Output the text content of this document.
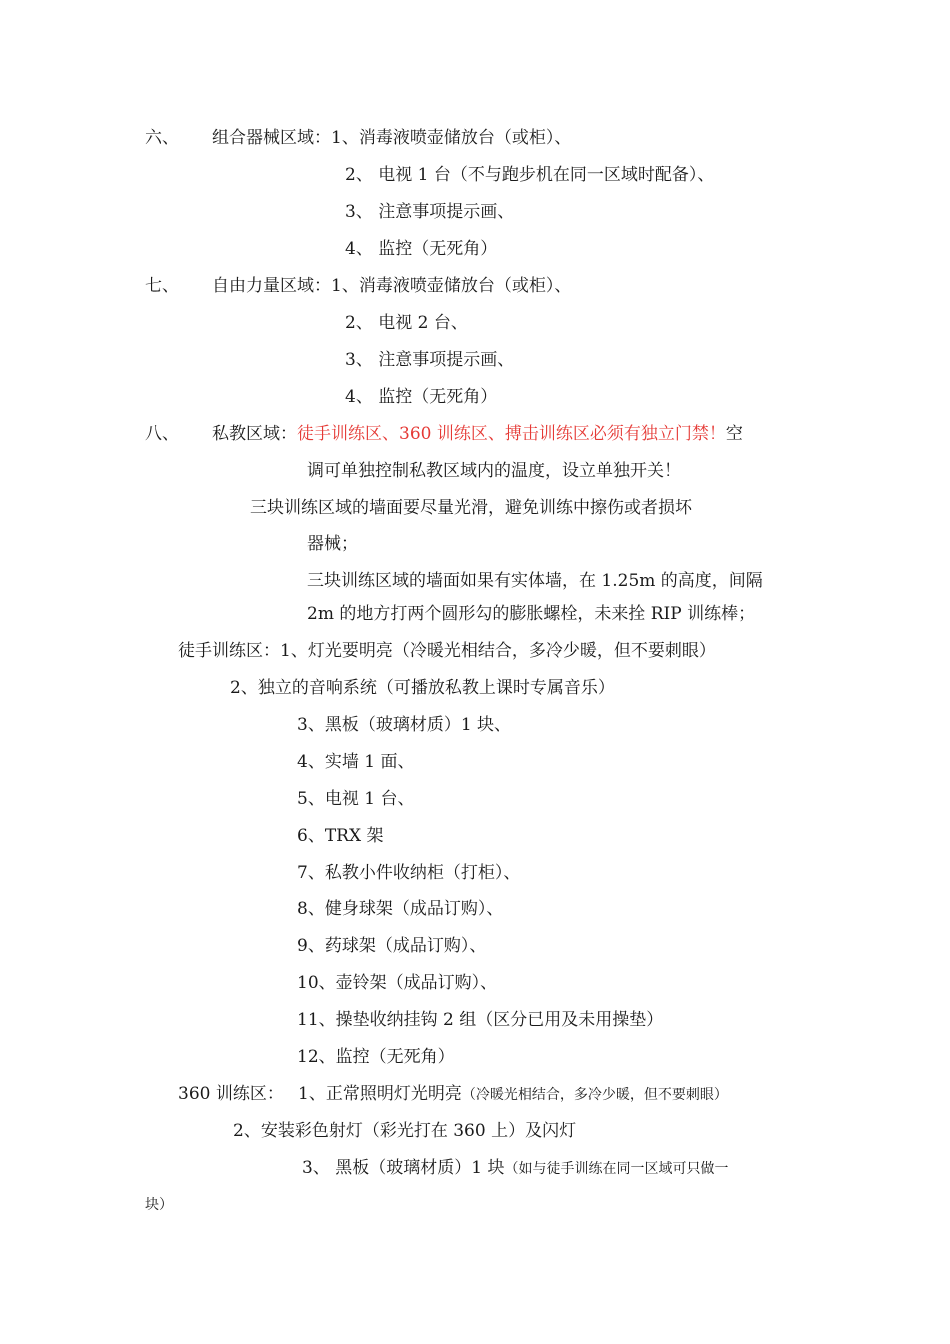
六、 组合器械区域：1、消毒液喷壶储放台（或柜）、
2、 电视 1 台（不与跑步机在同一区域时配备）、
3、 注意事项提示画、
4、 监控（无死角）
七、 自由力量区域：1、消毒液喷壶储放台（或柜）、
2、 电视 2 台、
3、 注意事项提示画、
4、 监控（无死角）
八、 私教区域：徒手训练区、360 训练区、搏击训练区必须有独立门禁！空
调可单独控制私教区域内的温度，设立单独开关！
三块训练区域的墙面要尽量光滑，避免训练中擦伤或者损坏
器械；
三块训练区域的墙面如果有实体墙，在 1.25m 的高度，间隔
2m 的地方打两个圆形勾的膨胀螺栓，未来拴 RIP 训练棒；
徒手训练区：1、灯光要明亮（冷暖光相结合，多冷少暖，但不要刺眼）
2、独立的音响系统（可播放私教上课时专属音乐）
3、黑板（玻璃材质）1 块、
4、实墙 1 面、
5、电视 1 台、
6、TRX 架
7、私教小件收纳柜（打柜）、
8、健身球架（成品订购）、
9、药球架（成品订购）、
10、壶铃架（成品订购）、
11、操垫收纳挂钩 2 组（区分已用及未用操垫）
12、监控（无死角）
360 训练区： 1、正常照明灯光明亮（冷暖光相结合，多冷少暖，但不要刺眼）
2、安装彩色射灯（彩光打在 360 上）及闪灯
3、 黑板（玻璃材质）1 块（如与徒手训练在同一区域可只做一
块）
